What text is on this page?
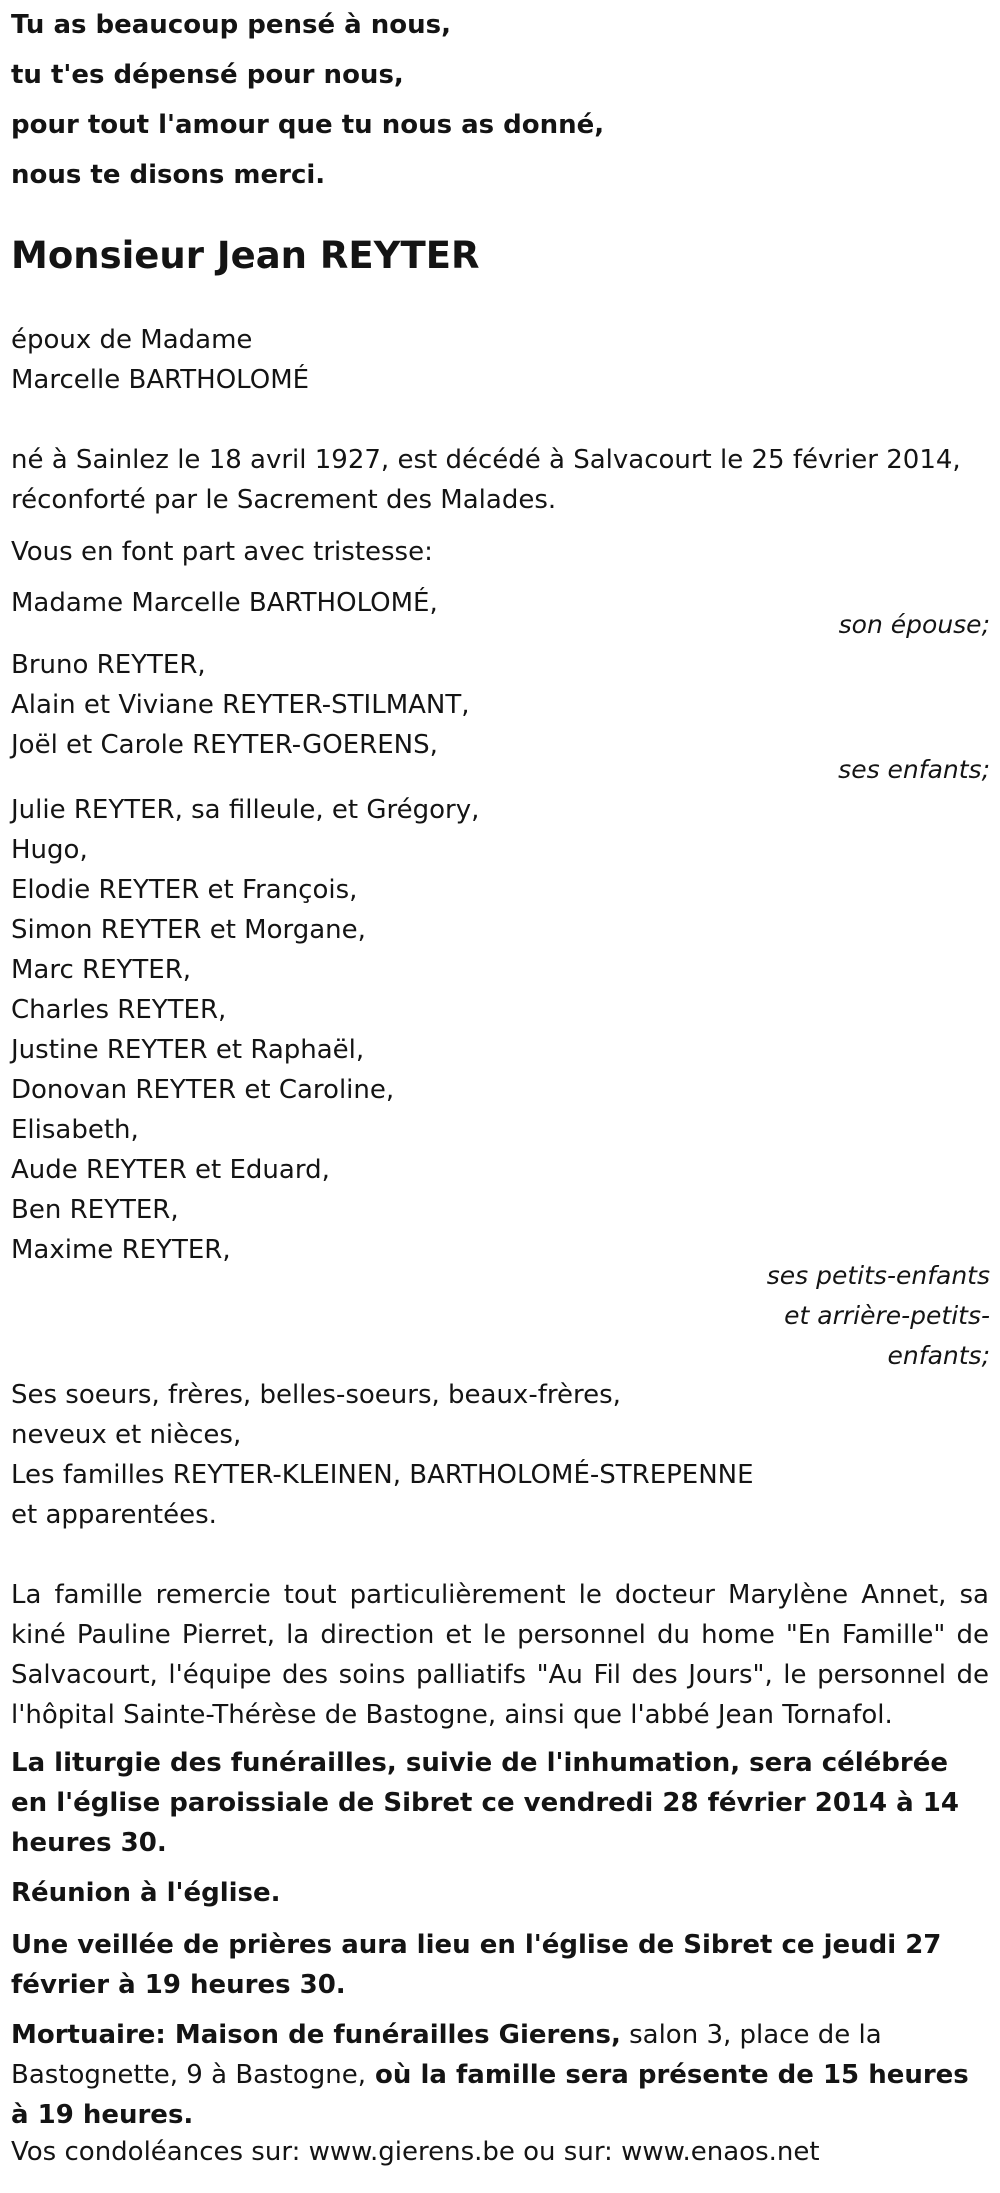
Tu as beaucoup pensé à nous,
tu t'es dépensé pour nous,
pour tout l'amour que tu nous as donné,
nous te disons merci.
Monsieur Jean REYTER
époux de Madame
Marcelle BARTHOLOMÉ
né à Sainlez le 18 avril 1927, est décédé à Salvacourt le 25 février 2014,
réconforté par le Sacrement des Malades.
Vous en font part avec tristesse:
Madame Marcelle BARTHOLOMÉ,
son épouse;
Bruno REYTER,
Alain et Viviane REYTER-STILMANT,
Joël et Carole REYTER-GOERENS,
ses enfants;
Julie REYTER, sa filleule, et Grégory,
Hugo,
Elodie REYTER et François,
Simon REYTER et Morgane,
Marc REYTER,
Charles REYTER,
Justine REYTER et Raphaël,
Donovan REYTER et Caroline,
Elisabeth,
Aude REYTER et Eduard,
Ben REYTER,
Maxime REYTER,
ses petits-enfants
et arrière-petits-
enfants;
Ses soeurs, frères, belles-soeurs, beaux-frères,
neveux et nièces,
Les familles REYTER-KLEINEN, BARTHOLOMÉ-STREPENNE
et apparentées.
La famille remercie tout particulièrement le docteur Marylène Annet, sa kiné Pauline Pierret, la direction et le personnel du home "En Famille" de Salvacourt, l'équipe des soins palliatifs "Au Fil des Jours", le personnel de l'hôpital Sainte-Thérèse de Bastogne, ainsi que l'abbé Jean Tornafol.
La liturgie des funérailles, suivie de l'inhumation, sera célébrée en l'église paroissiale de Sibret ce vendredi 28 février 2014 à 14 heures 30.
Réunion à l'église.
Une veillée de prières aura lieu en l'église de Sibret ce jeudi 27 février à 19 heures 30.
Mortuaire: Maison de funérailles Gierens, salon 3, place de la Bastognette, 9 à Bastogne, où la famille sera présente de 15 heures à 19 heures.
Vos condoléances sur: www.gierens.be ou sur: www.enaos.net
